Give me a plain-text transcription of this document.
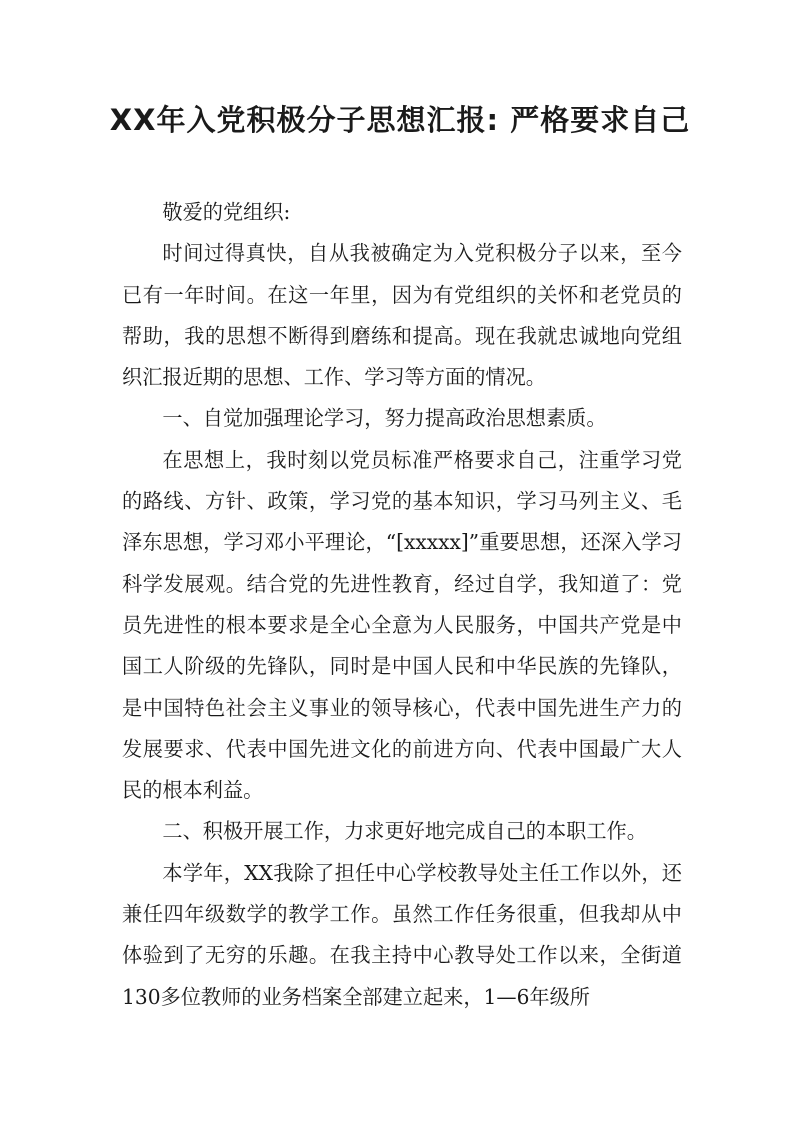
XX年入党积极分子思想汇报: 严格要求自己

敬爱的党组织:

时间过得真快，自从我被确定为入党积极分子以来，至今已有一年时间。在这一年里，因为有党组织的关怀和老党员的帮助，我的思想不断得到磨练和提高。现在我就忠诚地向党组织汇报近期的思想、工作、学习等方面的情况。

一、自觉加强理论学习，努力提高政治思想素质。

在思想上，我时刻以党员标准严格要求自己，注重学习党的路线、方针、政策，学习党的基本知识，学习马列主义、毛泽东思想，学习邓小平理论，“[xxxxx]”重要思想，还深入学习科学发展观。结合党的先进性教育，经过自学，我知道了：党员先进性的根本要求是全心全意为人民服务，中国共产党是中国工人阶级的先锋队，同时是中国人民和中华民族的先锋队，是中国特色社会主义事业的领导核心，代表中国先进生产力的发展要求、代表中国先进文化的前进方向、代表中国最广大人民的根本利益。

二、积极开展工作，力求更好地完成自己的本职工作。

本学年，XX我除了担任中心学校教导处主任工作以外，还兼任四年级数学的教学工作。虽然工作任务很重，但我却从中体验到了无穷的乐趣。在我主持中心教导处工作以来，全街道130多位教师的业务档案全部建立起来，1—6年级所
